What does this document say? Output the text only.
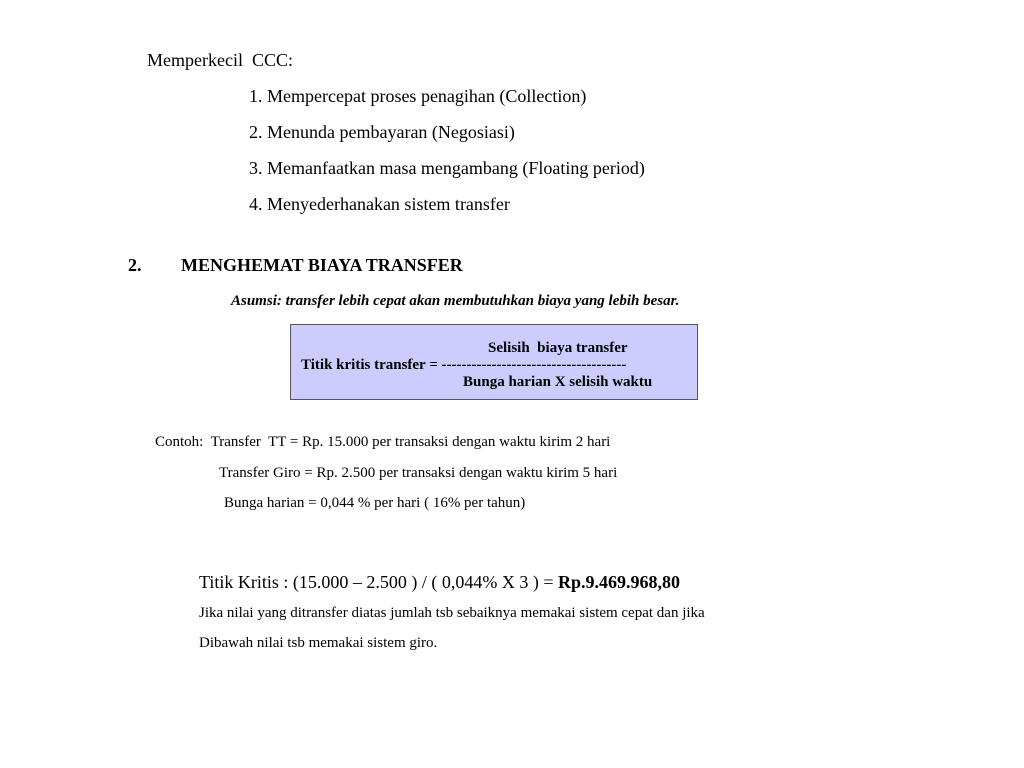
Memperkecil  CCC:
1. Mempercepat proses penagihan (Collection)
2. Menunda pembayaran (Negosiasi)
3. Memanfaatkan masa mengambang (Floating period)
4. Menyederhanakan sistem transfer
2. MENGHEMAT BIAYA TRANSFER
Asumsi: transfer lebih cepat akan membutuhkan biaya yang lebih besar.
Selisih  biaya transfer
Titik kritis transfer = -------------------------------------
Bunga harian X selisih waktu
Contoh:  Transfer  TT = Rp. 15.000 per transaksi dengan waktu kirim 2 hari
Transfer Giro = Rp. 2.500 per transaksi dengan waktu kirim 5 hari
Bunga harian = 0,044 % per hari ( 16% per tahun)
Titik Kritis : (15.000 – 2.500 ) / ( 0,044% X 3 ) = Rp.9.469.968,80
Jika nilai yang ditransfer diatas jumlah tsb sebaiknya memakai sistem cepat dan jika
Dibawah nilai tsb memakai sistem giro.
